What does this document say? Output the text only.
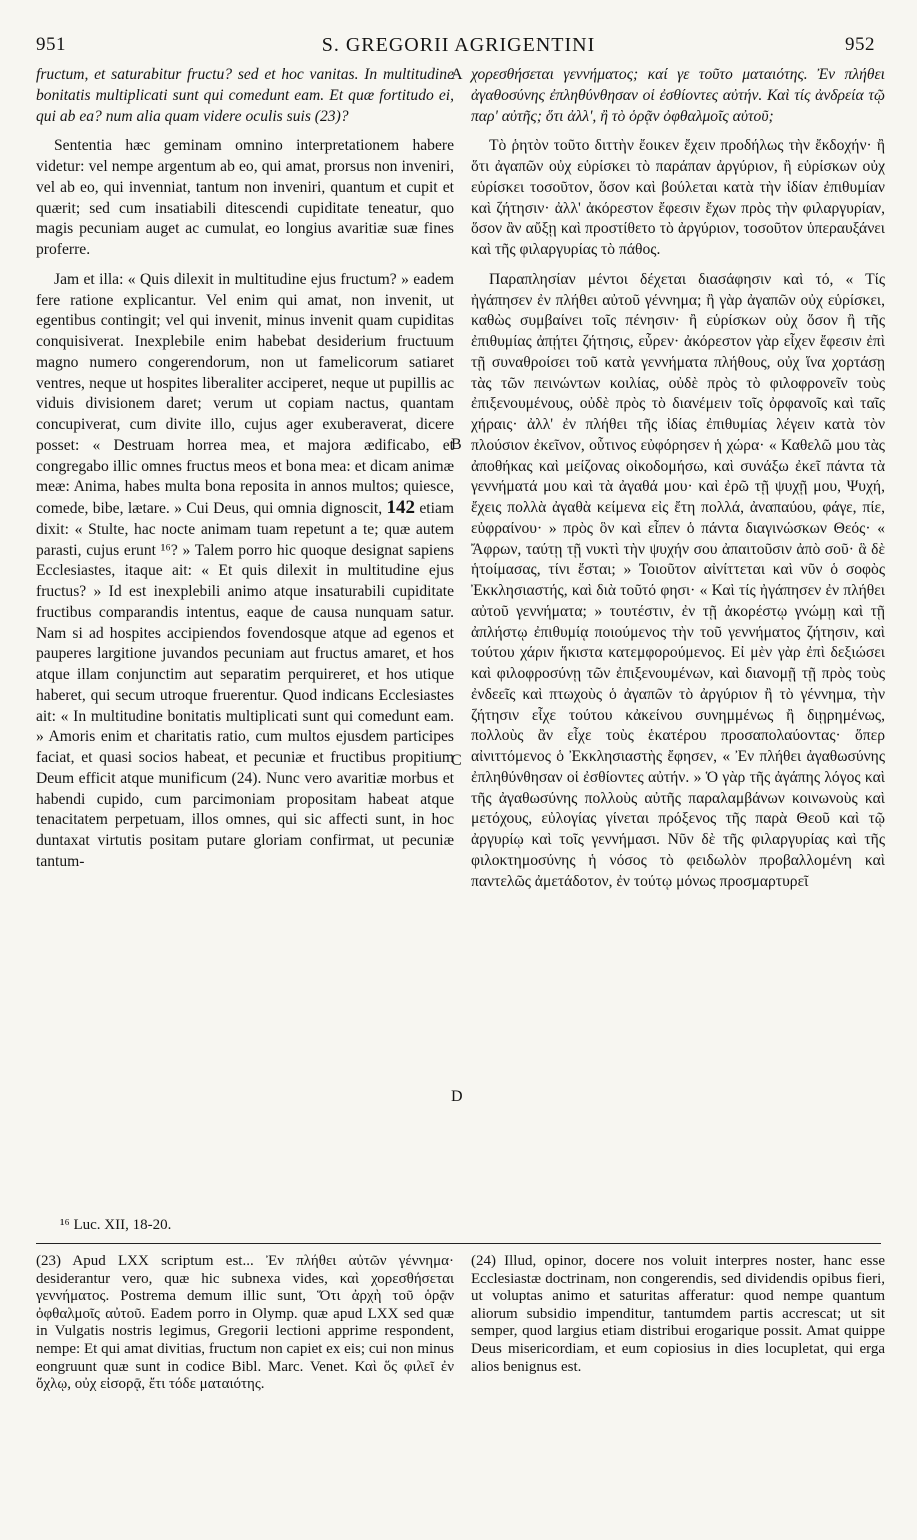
951	S. GREGORII AGRIGENTINI	952

fructum, et saturabitur fructu? sed et hoc vanitas. In multitudine bonitatis multiplicati sunt qui comedunt eam. Et quæ fortitudo ei, qui ab ea? num alia quam videre oculis suis (23)?

Sententia hæc geminam omnino interpretationem habere videtur: vel nempe argentum ab eo, qui amat, prorsus non inveniri, vel ab eo, qui invenniat, tantum non inveniri, quantum et cupit et quærit; sed cum insatiabili ditescendi cupiditate teneatur, quo magis pecuniam auget ac cumulat, eo longius avaritiæ suæ fines proferre.

Jam et illa: « Quis dilexit in multitudine ejus fructum? » eadem fere ratione explicantur. Vel enim qui amat, non invenit, ut egentibus contingit; vel qui invenit, minus invenit quam cupiditas conquisiverat. Inexplebile enim habebat desiderium fructuum magno numero congerendorum, non ut famelicorum satiaret ventres, neque ut hospites liberaliter acciperet, neque ut pupillis ac viduis divisionem daret; verum ut copiam nactus, quantam concupiverat, cum divite illo, cujus ager exuberaverat, dicere posset: « Destruam horrea mea, et majora ædificabo, et congregabo illic omnes fructus meos et bona mea: et dicam animæ meæ: Anima, habes multa bona reposita in annos multos; quiesce, comede, bibe, lætare. » Cui Deus, qui omnia dignoscit, 142 etiam dixit: « Stulte, hac nocte animam tuam repetunt a te; quæ autem parasti, cujus erunt ¹⁶? » Talem porro hic quoque designat sapiens Ecclesiastes, itaque ait: « Et quis dilexit in multitudine ejus fructus? » Id est inexplebili animo atque insaturabili cupiditate fructibus comparandis intentus, eaque de causa nunquam satur. Nam si ad hospites accipiendos fovendosque atque ad egenos et pauperes largitione juvandos pecuniam aut fructus amaret, et hos atque illam conjunctim aut separatim perquireret, et hos utique haberet, qui secum utroque fruerentur. Quod indicans Ecclesiastes ait: « In multitudine bonitatis multiplicati sunt qui comedunt eam. » Amoris enim et charitatis ratio, cum multos ejusdem participes faciat, et quasi socios habeat, et pecuniæ et fructibus propitium Deum efficit atque munificum (24). Nunc vero avaritiæ morbus et habendi cupido, cum parcimoniam propositam habeat atque tenacitatem perpetuam, illos omnes, qui sic affecti sunt, in hoc duntaxat virtutis positam putare gloriam confirmat, ut pecuniæ tantum-

A
B
C
D

χορεσθήσεται γεννήματος; καί γε τοῦτο ματαιότης. Ἐν πλήθει ἀγαθοσύνης ἐπληθύνθησαν οἱ ἐσθίοντες αὐτήν. Καὶ τίς ἀνδρεία τῷ παρ' αὐτῆς; ὅτι ἀλλ', ἢ τὸ ὁρᾷν ὀφθαλμοῖς αὐτοῦ;

Τὸ ῥητὸν τοῦτο διττὴν ἔοικεν ἔχειν προδήλως τὴν ἔκδοχήν· ἢ ὅτι ἀγαπῶν οὐχ εὑρίσκει τὸ παράπαν ἀργύριον, ἢ εὑρίσκων οὐχ εὑρίσκει τοσοῦτον, ὅσον καὶ βούλεται κατὰ τὴν ἰδίαν ἐπιθυμίαν καὶ ζήτησιν· ἀλλ' ἀκόρεστον ἔφεσιν ἔχων πρὸς τὴν φιλαργυρίαν, ὅσον ἂν αὔξῃ καὶ προστίθετο τὸ ἀργύριον, τοσοῦτον ὑπεραυξάνει καὶ τῆς φιλαργυρίας τὸ πάθος.

Παραπλησίαν μέντοι δέχεται διασάφησιν καὶ τό, « Τίς ἠγάπησεν ἐν πλήθει αὐτοῦ γέννημα; ἢ γὰρ ἀγαπῶν οὐχ εὑρίσκει, καθὼς συμβαίνει τοῖς πένησιν· ἢ εὑρίσκων οὐχ ὅσον ἢ τῆς ἐπιθυμίας ἀπῄτει ζήτησις, εὗρεν· ἀκόρεστον γὰρ εἶχεν ἔφεσιν ἐπὶ τῇ συναθροίσει τοῦ κατὰ γεννήματα πλήθους, οὐχ ἵνα χορτάσῃ τὰς τῶν πεινώντων κοιλίας, οὐδὲ πρὸς τὸ φιλοφρονεῖν τοὺς ἐπιξενουμένους, οὐδὲ πρὸς τὸ διανέμειν τοῖς ὀρφανοῖς καὶ ταῖς χήραις· ἀλλ' ἐν πλήθει τῆς ἰδίας ἐπιθυμίας λέγειν κατὰ τὸν πλούσιον ἐκεῖνον, οὗτινος εὐφόρησεν ἡ χώρα· « Καθελῶ μου τὰς ἀποθήκας καὶ μείζονας οἰκοδομήσω, καὶ συνάξω ἐκεῖ πάντα τὰ γεννήματά μου καὶ τὰ ἀγαθά μου· καὶ ἐρῶ τῇ ψυχῇ μου, Ψυχή, ἔχεις πολλὰ ἀγαθὰ κείμενα εἰς ἔτη πολλά, ἀναπαύου, φάγε, πίε, εὐφραίνου· » πρὸς ὃν καὶ εἶπεν ὁ πάντα διαγινώσκων Θεός· « Ἄφρων, ταύτῃ τῇ νυκτὶ τὴν ψυχήν σου ἀπαιτοῦσιν ἀπὸ σοῦ· ἃ δὲ ἡτοίμασας, τίνι ἔσται; » Τοιοῦτον αἰνίττεται καὶ νῦν ὁ σοφὸς Ἐκκλησιαστής, καὶ διὰ τοῦτό φησι· « Καὶ τίς ἠγάπησεν ἐν πλήθει αὐτοῦ γεννήματα; » τουτέστιν, ἐν τῇ ἀκορέστῳ γνώμῃ καὶ τῇ ἀπλήστῳ ἐπιθυμίᾳ ποιούμενος τὴν τοῦ γεννήματος ζήτησιν, καὶ τούτου χάριν ἥκιστα κατεμφορούμενος. Εἰ μὲν γὰρ ἐπὶ δεξιώσει καὶ φιλοφροσύνῃ τῶν ἐπιξενουμένων, καὶ διανομῇ τῇ πρὸς τοὺς ἐνδεεῖς καὶ πτωχοὺς ὁ ἀγαπῶν τὸ ἀργύριον ἢ τὸ γέννημα, τὴν ζήτησιν εἶχε τούτου κἀκείνου συνημμένως ἢ διῃρημένως, πολλοὺς ἂν εἶχε τοὺς ἑκατέρου προσαπολαύοντας· ὅπερ αἰνιττόμενος ὁ Ἐκκλησιαστὴς ἔφησεν, « Ἐν πλήθει ἀγαθωσύνης ἐπληθύνθησαν οἱ ἐσθίοντες αὐτήν. » Ὁ γὰρ τῆς ἀγάπης λόγος καὶ τῆς ἀγαθωσύνης πολλοὺς αὐτῆς παραλαμβάνων κοινωνοὺς καὶ μετόχους, εὐλογίας γίνεται πρόξενος τῆς παρὰ Θεοῦ καὶ τῷ ἀργυρίῳ καὶ τοῖς γεννήμασι. Νῦν δὲ τῆς φιλαργυρίας καὶ τῆς φιλοκτημοσύνης ἡ νόσος τὸ φειδωλὸν προβαλλομένη καὶ παντελῶς ἀμετάδοτον, ἐν τούτῳ μόνως προσμαρτυρεῖ

¹⁶ Luc. XII, 18-20.
(23) Apud LXX scriptum est... Ἐν πλήθει αὐτῶν γέννημα· desiderantur vero, quæ hic subnexa vides, καὶ χορεσθήσεται γεννήματος. Postrema demum illic sunt, Ὅτι ἀρχὴ τοῦ ὁρᾷν ὀφθαλμοῖς αὐτοῦ. Eadem porro in Olymp. quæ apud LXX sed quæ in Vulgatis nostris legimus, Gregorii lectioni apprime respondent, nempe: Et qui amat divitias, fructum non capiet ex eis; cui non minus eongruunt quæ sunt in codice Bibl. Marc. Venet. Καὶ ὅς φιλεῖ ἐν ὄχλῳ, οὐχ εἰσορᾷ, ἔτι τόδε ματαιότης.
(24) Illud, opinor, docere nos voluit interpres noster, hanc esse Ecclesiastæ doctrinam, non congerendis, sed dividendis opibus fieri, ut voluptas animo et saturitas afferatur: quod nempe quantum aliorum subsidio impenditur, tantumdem partis accrescat; ut sit semper, quod largius etiam distribui erogarique possit. Amat quippe Deus misericordiam, et eum copiosius in dies locupletat, qui erga alios benignus est.
